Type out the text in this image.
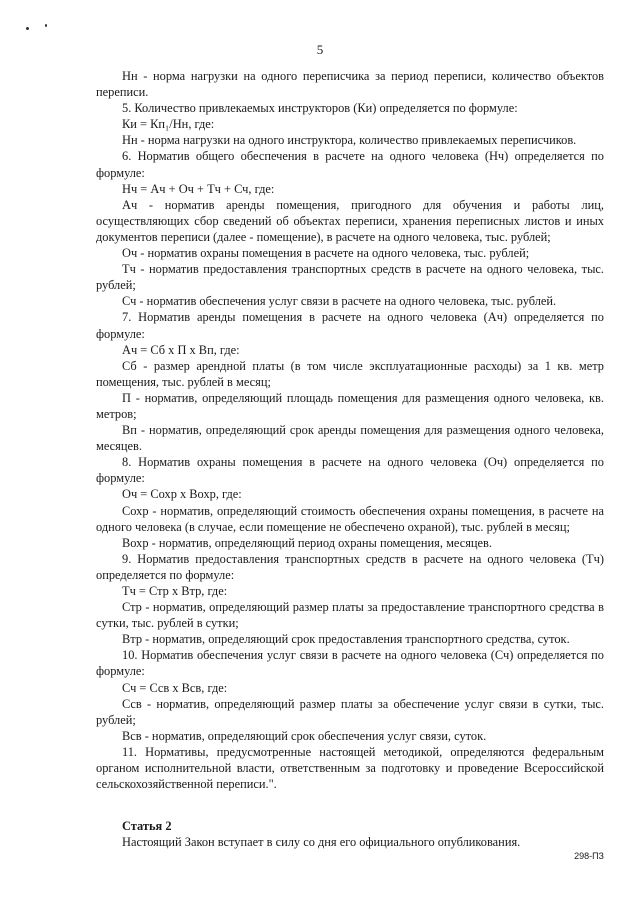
5

Нн - норма нагрузки на одного переписчика за период переписи, количество объектов переписи.

5. Количество привлекаемых инструкторов (Ки) определяется по формуле:

Ки = Кп₁/Нн, где:

Нн - норма нагрузки на одного инструктора, количество привлекаемых переписчиков.

6. Норматив общего обеспечения в расчете на одного человека (Нч) определяется по формуле:

Нч = Ач + Оч + Тч + Сч, где:

Ач - норматив аренды помещения, пригодного для обучения и работы лиц, осуществляющих сбор сведений об объектах переписи, хранения переписных листов и иных документов переписи (далее - помещение), в расчете на одного человека, тыс. рублей;

Оч - норматив охраны помещения в расчете на одного человека, тыс. рублей;

Тч - норматив предоставления транспортных средств в расчете на одного человека, тыс. рублей;

Сч - норматив обеспечения услуг связи в расчете на одного человека, тыс. рублей.

7. Норматив аренды помещения в расчете на одного человека (Ач) определяется по формуле:

Ач = Сб х П х Вп, где:

Сб - размер арендной платы (в том числе эксплуатационные расходы) за 1 кв. метр помещения, тыс. рублей в месяц;

П - норматив, определяющий площадь помещения для размещения одного человека, кв. метров;

Вп - норматив, определяющий срок аренды помещения для размещения одного человека, месяцев.

8. Норматив охраны помещения в расчете на одного человека (Оч) определяется по формуле:

Оч = Сохр х Вохр, где:

Сохр - норматив, определяющий стоимость обеспечения охраны помещения, в расчете на одного человека (в случае, если помещение не обеспечено охраной), тыс. рублей в месяц;

Вохр - норматив, определяющий период охраны помещения, месяцев.

9. Норматив предоставления транспортных средств в расчете на одного человека (Тч) определяется по формуле:

Тч = Стр х Втр, где:

Стр - норматив, определяющий размер платы за предоставление транспортного средства в сутки, тыс. рублей в сутки;

Втр - норматив, определяющий срок предоставления транспортного средства, суток.

10. Норматив обеспечения услуг связи в расчете на одного человека (Сч) определяется по формуле:

Сч = Ссв х Всв, где:

Ссв - норматив, определяющий размер платы за обеспечение услуг связи в сутки, тыс. рублей;

Всв - норматив, определяющий срок обеспечения услуг связи, суток.

11. Нормативы, предусмотренные настоящей методикой, определяются федеральным органом исполнительной власти, ответственным за подготовку и проведение Всероссийской сельскохозяйственной переписи.".

Статья 2

Настоящий Закон вступает в силу со дня его официального опубликования.

298-ПЗ
